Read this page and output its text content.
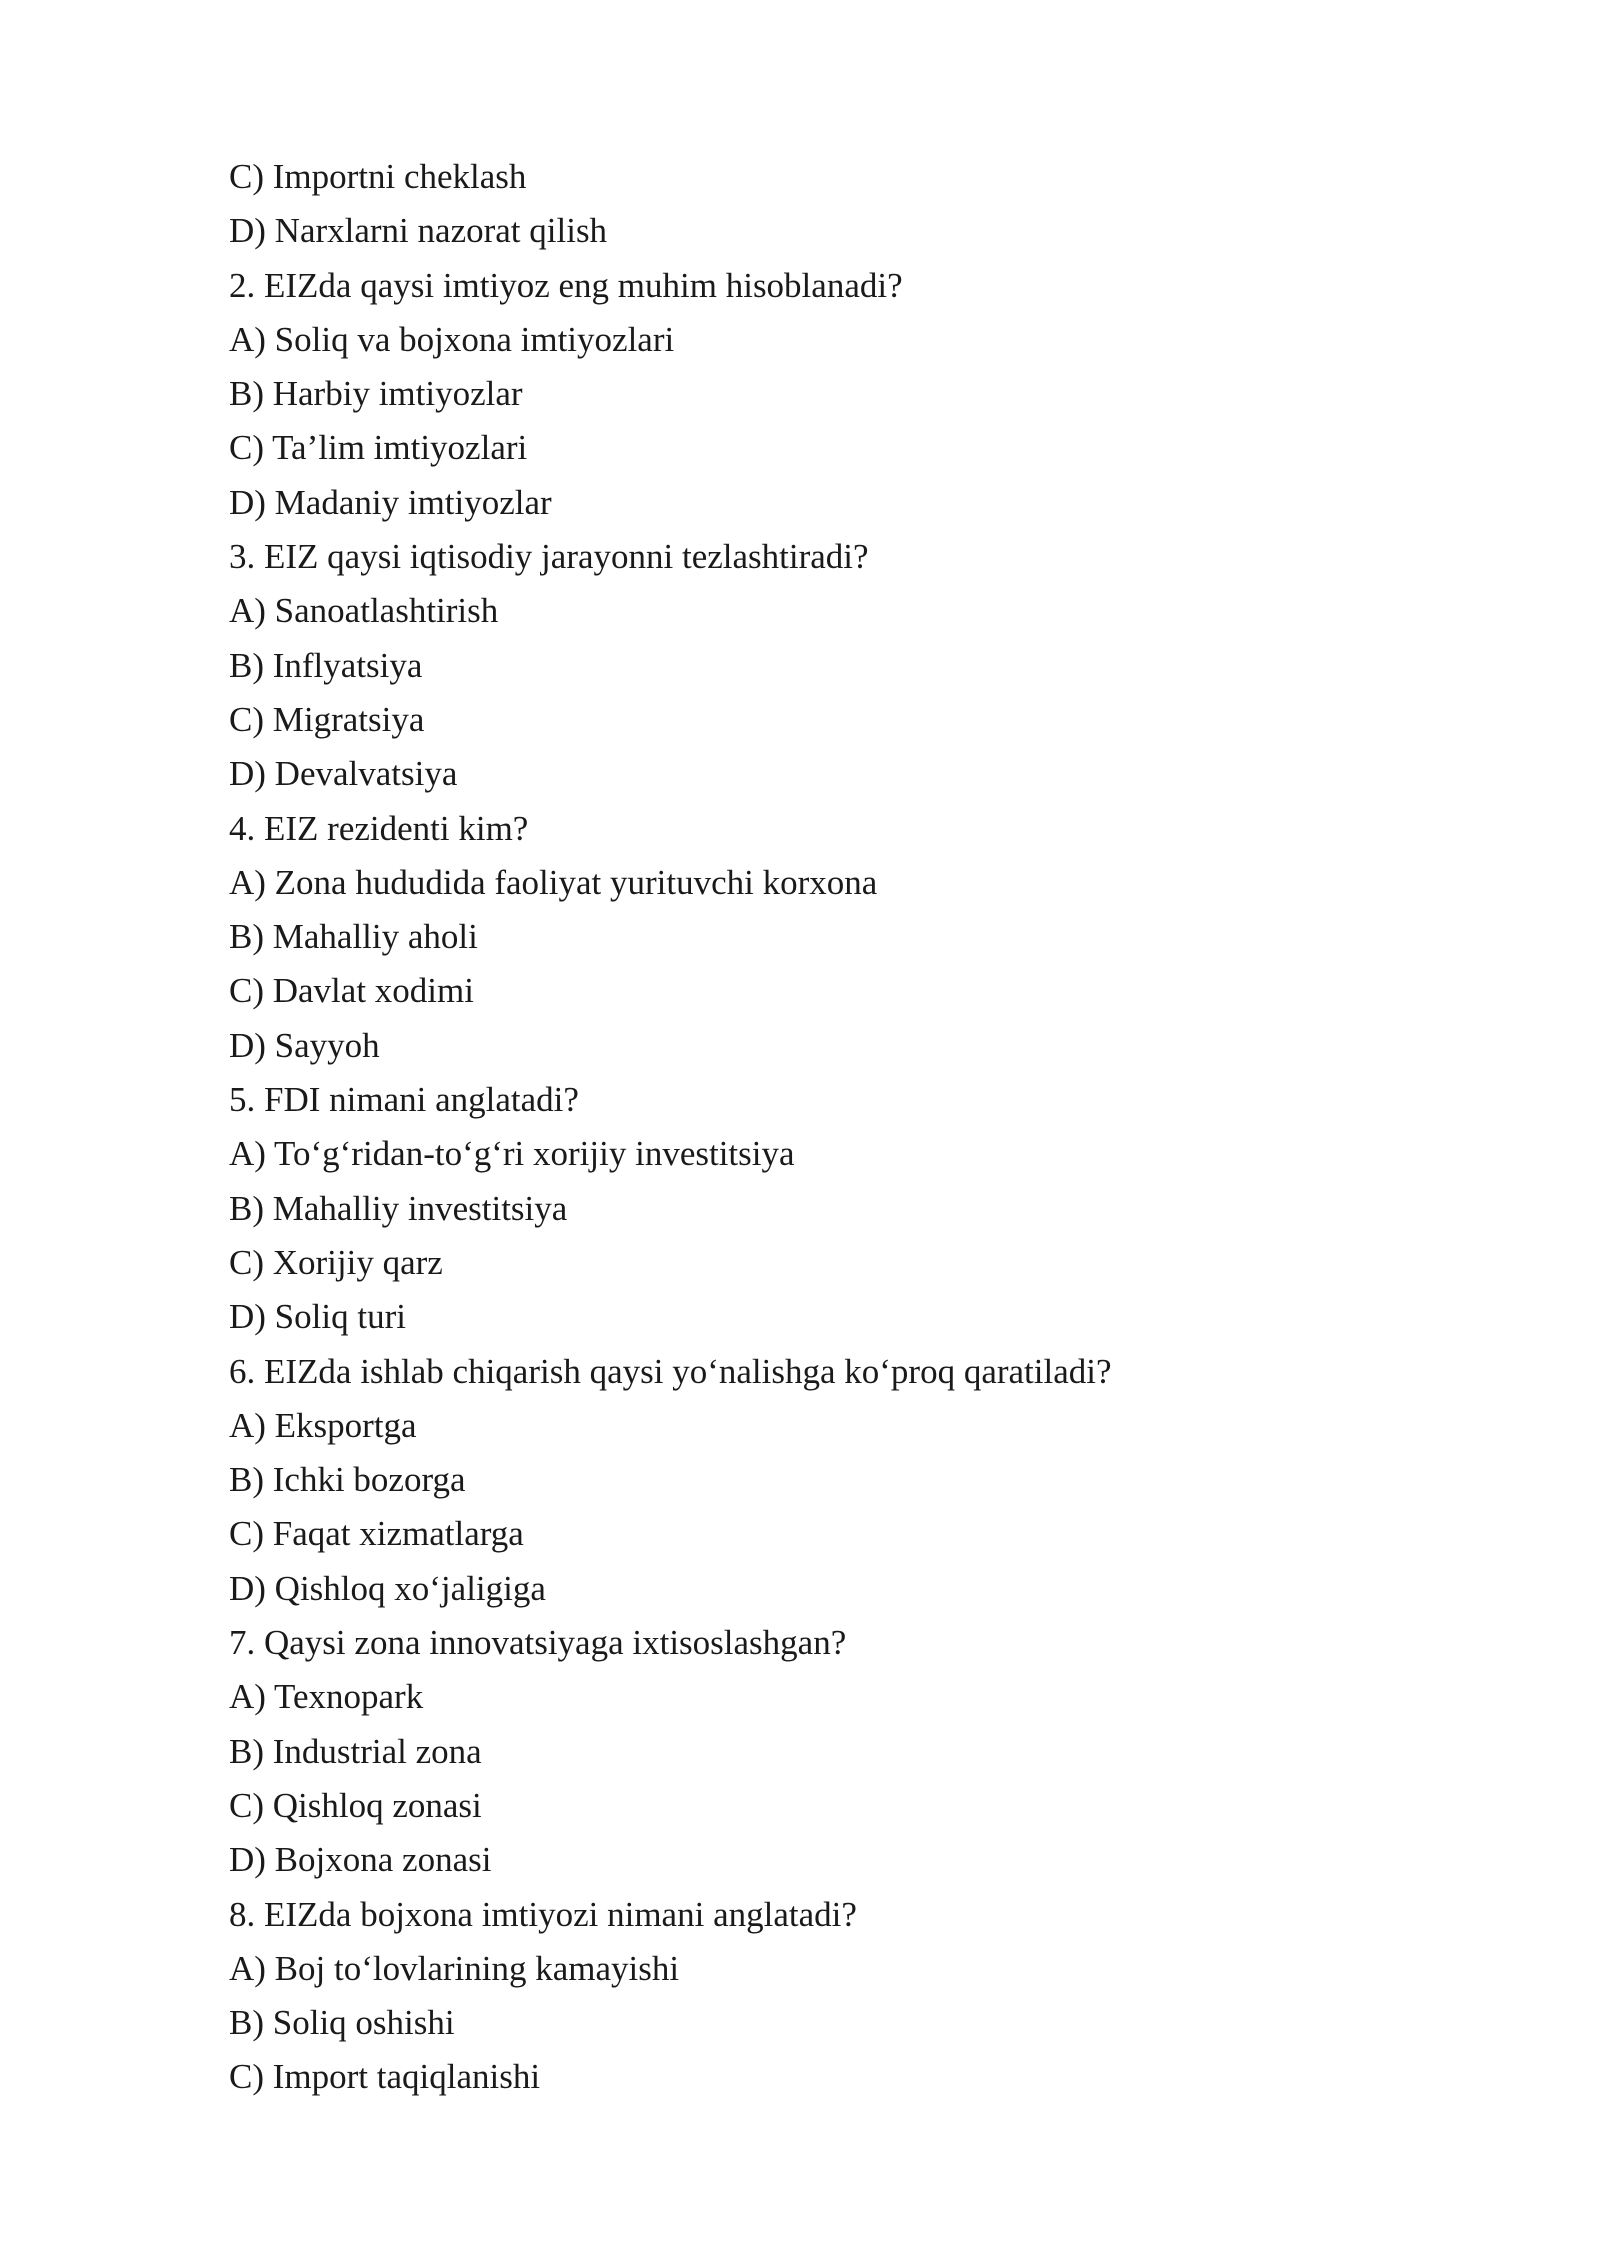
C) Importni cheklash

D) Narxlarni nazorat qilish

2. EIZda qaysi imtiyoz eng muhim hisoblanadi?

A) Soliq va bojxona imtiyozlari

B) Harbiy imtiyozlar

C) Ta’lim imtiyozlari

D) Madaniy imtiyozlar

3. EIZ qaysi iqtisodiy jarayonni tezlashtiradi?

A) Sanoatlashtirish

B) Inflyatsiya

C) Migratsiya

D) Devalvatsiya

4. EIZ rezidenti kim?

A) Zona hududida faoliyat yurituvchi korxona

B) Mahalliy aholi

C) Davlat xodimi

D) Sayyoh

5. FDI nimani anglatadi?

A) To‘g‘ridan-to‘g‘ri xorijiy investitsiya

B) Mahalliy investitsiya

C) Xorijiy qarz

D) Soliq turi

6. EIZda ishlab chiqarish qaysi yo‘nalishga ko‘proq qaratiladi?

A) Eksportga

B) Ichki bozorga

C) Faqat xizmatlarga

D) Qishloq xo‘jaligiga

7. Qaysi zona innovatsiyaga ixtisoslashgan?

A) Texnopark

B) Industrial zona

C) Qishloq zonasi

D) Bojxona zonasi

8. EIZda bojxona imtiyozi nimani anglatadi?

A) Boj to‘lovlarining kamayishi

B) Soliq oshishi

C) Import taqiqlanishi
